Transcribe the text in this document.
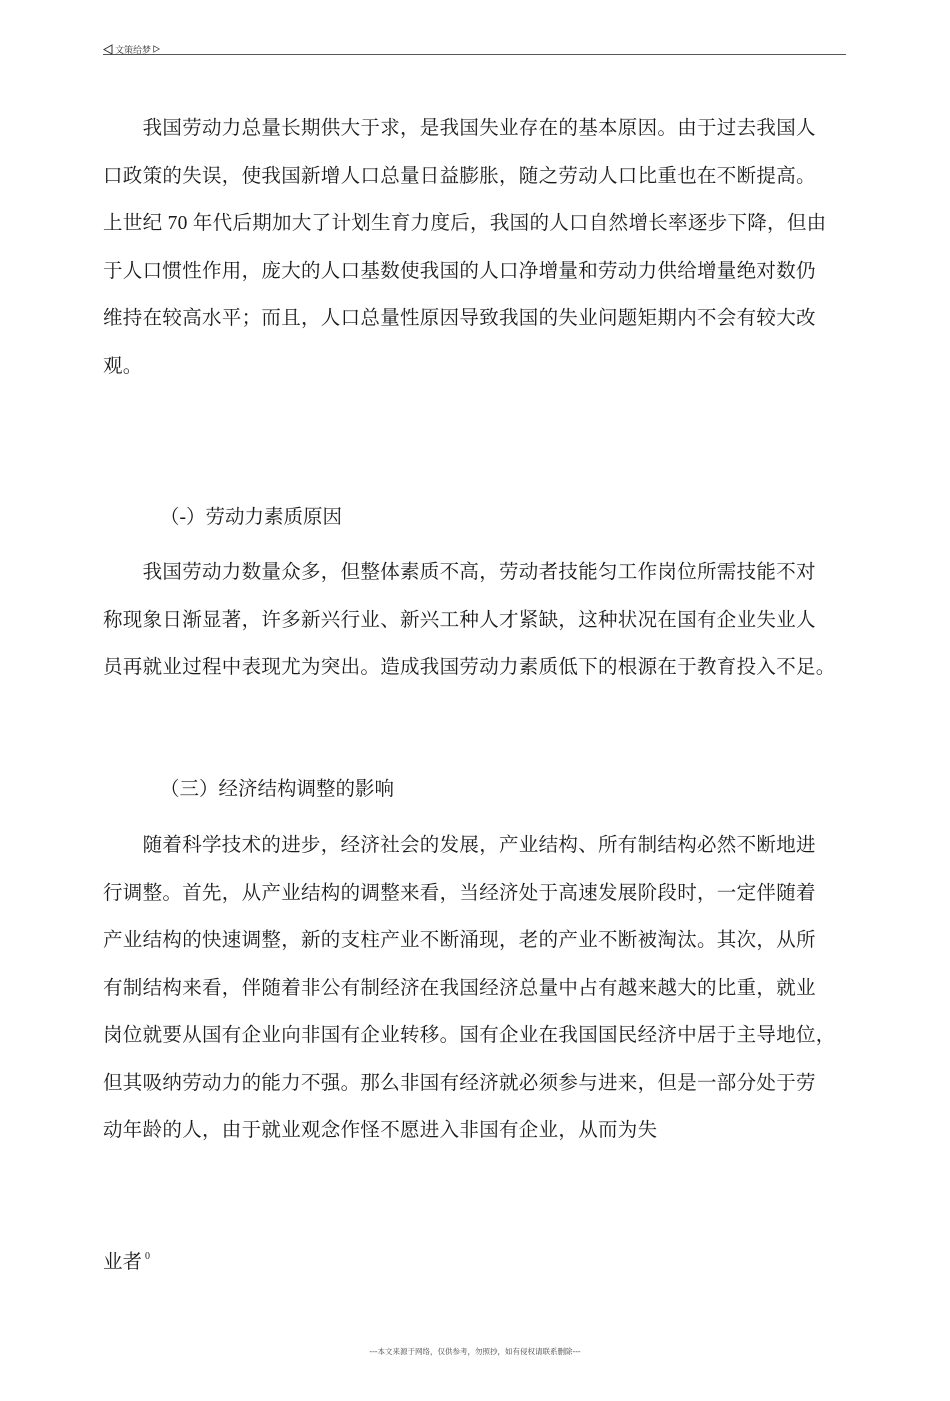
文策给梦
　　我国劳动力总量长期供大于求，是我国失业存在的基本原因。由于过去我国人
口政策的失误，使我国新增人口总量日益膨胀，随之劳动人口比重也在不断提高。
上世纪 70 年代后期加大了计划生育力度后，我国的人口自然增长率逐步下降，但由
于人口惯性作用，庞大的人口基数使我国的人口净增量和劳动力供给增量绝对数仍
维持在较高水平；而且，人口总量性原因导致我国的失业问题矩期内不会有较大改
观。
（-）劳动力素质原因
　　我国劳动力数量众多，但整体素质不高，劳动者技能匀工作岗位所需技能不对
称现象日渐显著，许多新兴行业、新兴工种人才紧缺，这种状况在国有企业失业人
员再就业过程中表现尤为突出。造成我国劳动力素质低下的根源在于教育投入不足。
（三）经济结构调整的影响
　　随着科学技术的进步，经济社会的发展，产业结构、所有制结构必然不断地进
行调整。首先，从产业结构的调整来看，当经济处于高速发展阶段时，一定伴随着
产业结构的快速调整，新的支柱产业不断涌现，老的产业不断被淘汰。其次，从所
有制结构来看，伴随着非公有制经济在我国经济总量中占有越来越大的比重，就业
岗位就要从国有企业向非国有企业转移。国有企业在我国国民经济中居于主导地位，
但其吸纳劳动力的能力不强。那么非国有经济就必须参与进来，但是一部分处于劳
动年龄的人，由于就业观念作怪不愿进入非国有企业，从而为失
业者 $^0$
---本文来源于网络，仅供参考，勿照抄，如有侵权请联系删除---
